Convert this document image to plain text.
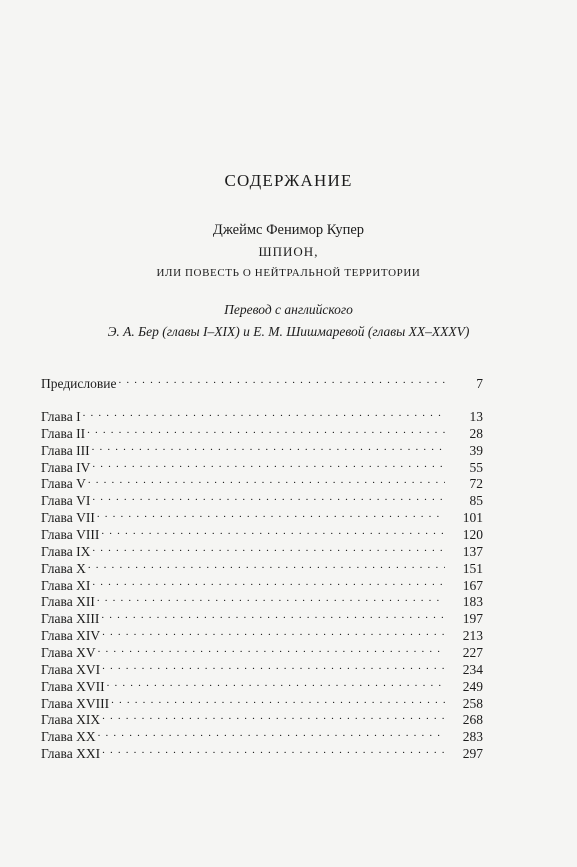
СОДЕРЖАНИЕ
Джеймс Фенимор Купер
ШПИОН,
ИЛИ ПОВЕСТЬ О НЕЙТРАЛЬНОЙ ТЕРРИТОРИИ
Перевод с английского
Э. А. Бер (главы I–XIX) и Е. М. Шишмаревой (главы XX–XXXV)
Предисловие . . .	7
Глава I . . .	13
Глава II . . .	28
Глава III . . .	39
Глава IV . . .	55
Глава V . . .	72
Глава VI . . .	85
Глава VII . . .	101
Глава VIII . . .	120
Глава IX . . .	137
Глава X . . .	151
Глава XI . . .	167
Глава XII . . .	183
Глава XIII . . .	197
Глава XIV . . .	213
Глава XV . . .	227
Глава XVI . . .	234
Глава XVII . . .	249
Глава XVIII . . .	258
Глава XIX . . .	268
Глава XX . . .	283
Глава XXI . . .	297
